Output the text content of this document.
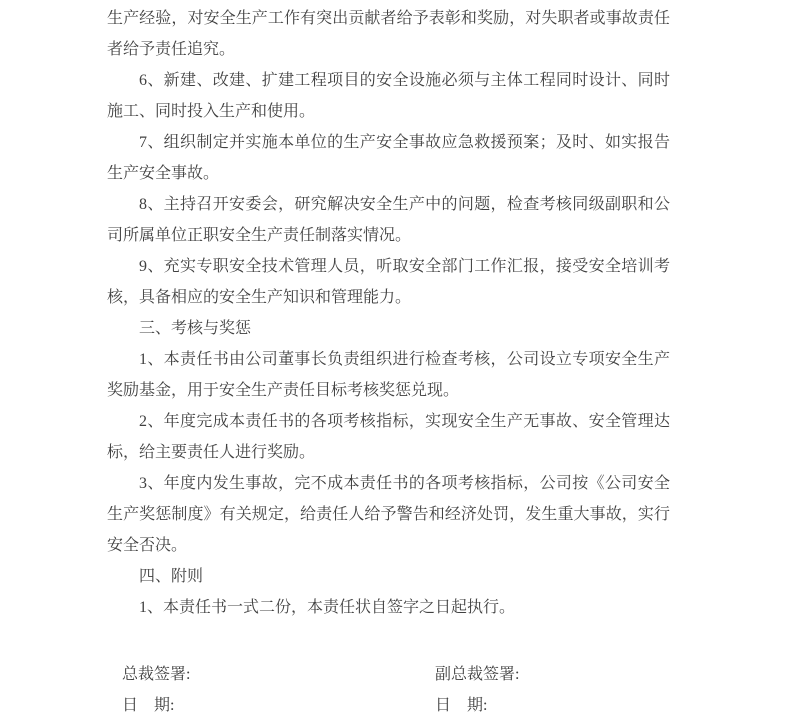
生产经验，对安全生产工作有突出贡献者给予表彰和奖励，对失职者或事故责任
者给予责任追究。
6、新建、改建、扩建工程项目的安全设施必须与主体工程同时设计、同时
施工、同时投入生产和使用。
7、组织制定并实施本单位的生产安全事故应急救援预案；及时、如实报告
生产安全事故。
8、主持召开安委会，研究解决安全生产中的问题，检查考核同级副职和公
司所属单位正职安全生产责任制落实情况。
9、充实专职安全技术管理人员，听取安全部门工作汇报，接受安全培训考
核，具备相应的安全生产知识和管理能力。
三、考核与奖惩
1、本责任书由公司董事长负责组织进行检查考核，公司设立专项安全生产
奖励基金，用于安全生产责任目标考核奖惩兑现。
2、年度完成本责任书的各项考核指标，实现安全生产无事故、安全管理达
标，给主要责任人进行奖励。
3、年度内发生事故，完不成本责任书的各项考核指标，公司按《公司安全
生产奖惩制度》有关规定，给责任人给予警告和经济处罚，发生重大事故，实行
安全否决。
四、附则
1、本责任书一式二份，本责任状自签字之日起执行。
总裁签署:
日　期:
副总裁签署:
日　期:
